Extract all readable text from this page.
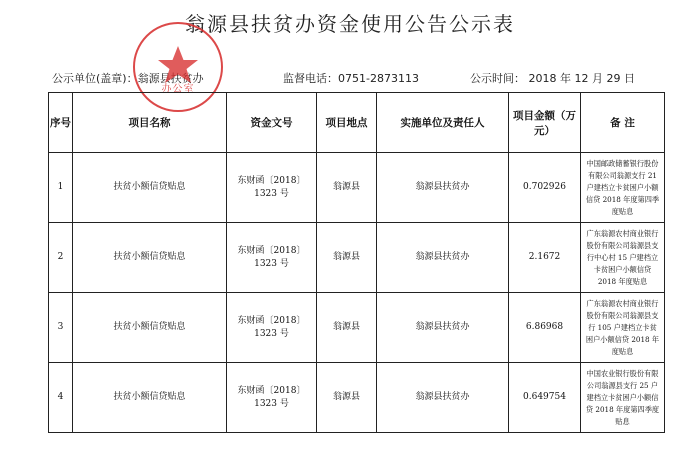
翁源县扶贫办资金使用公告公示表
公示单位(盖章)：翁源县扶贫办	监督电话：0751-2873113	公示时间： 2018 年 12 月 29 日
办公室
序号	项目名称	资金文号	项目地点	实施单位及责任人	项目金额（万元）	备 注
1	扶贫小额信贷贴息	东财函〔2018〕1323 号	翁源县	翁源县扶贫办	0.702926	中国邮政储蓄银行股份有限公司翁源支行 21 户建档立卡贫困户小额信贷 2018 年度第四季度贴息
2	扶贫小额信贷贴息	东财函〔2018〕1323 号	翁源县	翁源县扶贫办	2.1672	广东翁源农村商业银行股份有限公司翁源县支行中心村 15 户建档立卡贫困户小额信贷 2018 年度贴息
3	扶贫小额信贷贴息	东财函〔2018〕1323 号	翁源县	翁源县扶贫办	6.86968	广东翁源农村商业银行股份有限公司翁源县支行 105 户建档立卡贫困户小额信贷 2018 年度贴息
4	扶贫小额信贷贴息	东财函〔2018〕1323 号	翁源县	翁源县扶贫办	0.649754	中国农业银行股份有限公司翁源县支行 25 户建档立卡贫困户小额信贷 2018 年度第四季度贴息
